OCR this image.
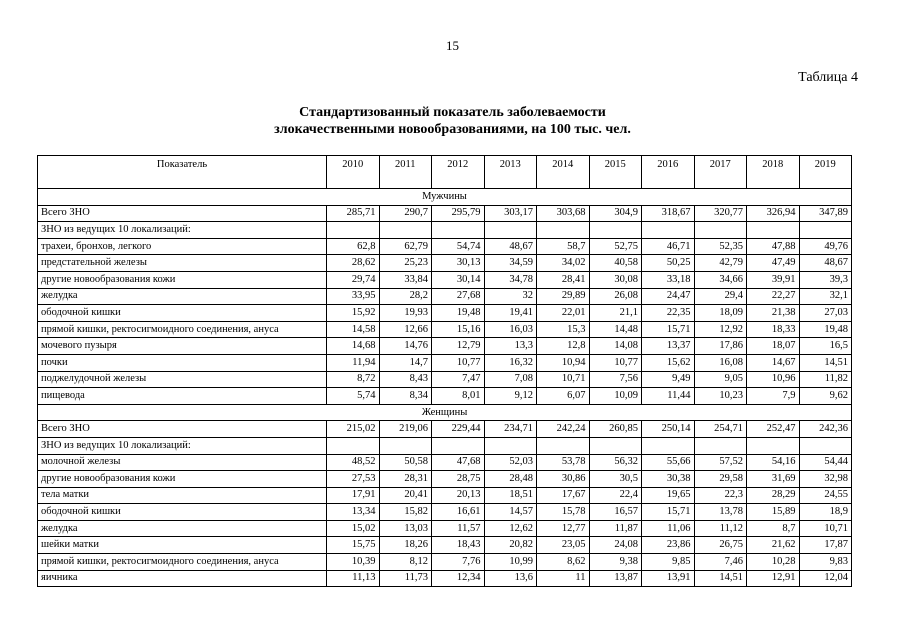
15
Таблица 4
Стандартизованный показатель заболеваемости
злокачественными новообразованиями, на 100 тыс. чел.
Показатель	2010	2011	2012	2013	2014	2015	2016	2017	2018	2019
Мужчины										
Всего ЗНО	285,71	290,7	295,79	303,17	303,68	304,9	318,67	320,77	326,94	347,89
ЗНО из ведущих 10 локализаций:										
трахеи, бронхов, легкого	62,8	62,79	54,74	48,67	58,7	52,75	46,71	52,35	47,88	49,76
предстательной железы	28,62	25,23	30,13	34,59	34,02	40,58	50,25	42,79	47,49	48,67
другие новообразования кожи	29,74	33,84	30,14	34,78	28,41	30,08	33,18	34,66	39,91	39,3
желудка	33,95	28,2	27,68	32	29,89	26,08	24,47	29,4	22,27	32,1
ободочной кишки	15,92	19,93	19,48	19,41	22,01	21,1	22,35	18,09	21,38	27,03
прямой кишки, ректосигмоидного соединения, ануса	14,58	12,66	15,16	16,03	15,3	14,48	15,71	12,92	18,33	19,48
мочевого пузыря	14,68	14,76	12,79	13,3	12,8	14,08	13,37	17,86	18,07	16,5
почки	11,94	14,7	10,77	16,32	10,94	10,77	15,62	16,08	14,67	14,51
поджелудочной железы	8,72	8,43	7,47	7,08	10,71	7,56	9,49	9,05	10,96	11,82
пищевода	5,74	8,34	8,01	9,12	6,07	10,09	11,44	10,23	7,9	9,62
Женщины										
Всего ЗНО	215,02	219,06	229,44	234,71	242,24	260,85	250,14	254,71	252,47	242,36
ЗНО из ведущих 10 локализаций:										
молочной железы	48,52	50,58	47,68	52,03	53,78	56,32	55,66	57,52	54,16	54,44
другие новообразования кожи	27,53	28,31	28,75	28,48	30,86	30,5	30,38	29,58	31,69	32,98
тела матки	17,91	20,41	20,13	18,51	17,67	22,4	19,65	22,3	28,29	24,55
ободочной кишки	13,34	15,82	16,61	14,57	15,78	16,57	15,71	13,78	15,89	18,9
желудка	15,02	13,03	11,57	12,62	12,77	11,87	11,06	11,12	8,7	10,71
шейки матки	15,75	18,26	18,43	20,82	23,05	24,08	23,86	26,75	21,62	17,87
прямой кишки, ректосигмоидного соединения, ануса	10,39	8,12	7,76	10,99	8,62	9,38	9,85	7,46	10,28	9,83
яичника	11,13	11,73	12,34	13,6	11	13,87	13,91	14,51	12,91	12,04
